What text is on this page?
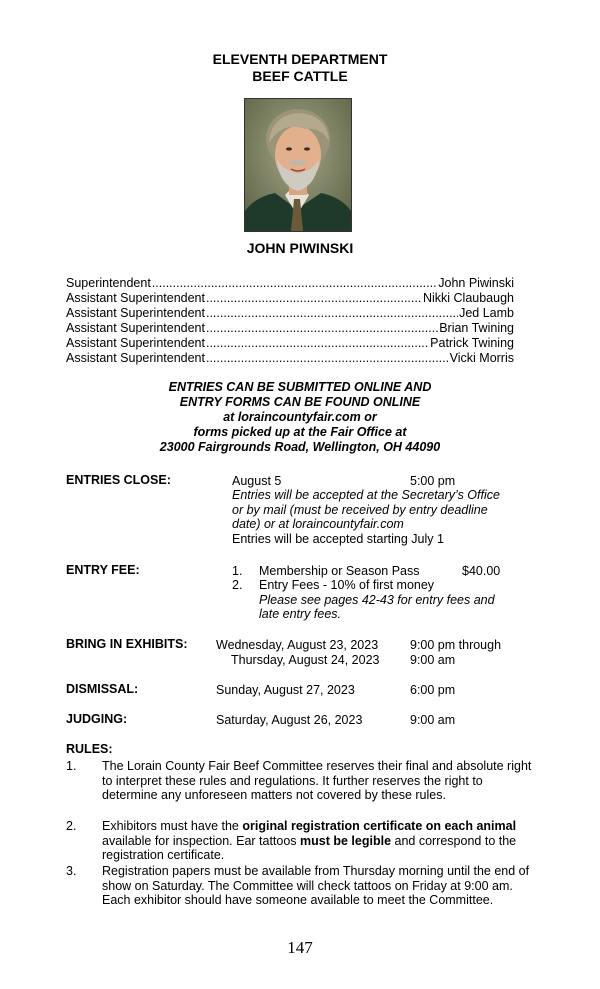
ELEVENTH DEPARTMENT
BEEF CATTLE
JOHN PIWINSKI
Superintendent .....	John Piwinski
Assistant Superintendent .....	Nikki Claubaugh
Assistant Superintendent .....	Jed Lamb
Assistant Superintendent .....	Brian Twining
Assistant Superintendent .....	Patrick Twining
Assistant Superintendent .....	Vicki Morris
ENTRIES CAN BE SUBMITTED ONLINE AND
ENTRY FORMS CAN BE FOUND ONLINE
at loraincountyfair.com or
forms picked up at the Fair Office at
23000 Fairgrounds Road, Wellington, OH 44090
ENTRIES CLOSE:	August 5	5:00 pm
Entries will be accepted at the Secretary’s Office
or by mail (must be received by entry deadline
date) or at loraincountyfair.com
Entries will be accepted starting July 1
ENTRY FEE:	1. Membership or Season Pass	$40.00
2. Entry Fees - 10% of first money
Please see pages 42-43 for entry fees and
late entry fees.
BRING IN EXHIBITS: Wednesday, August 23, 2023	9:00 pm through
Thursday, August 24, 2023 9:00 am
DISMISSAL:	Sunday, August 27, 2023	6:00 pm
JUDGING:	Saturday, August 26, 2023	9:00 am
RULES:
1. The Lorain County Fair Beef Committee reserves their final and absolute right to interpret these rules and regulations. It further reserves the right to determine any unforeseen matters not covered by these rules.
2. Exhibitors must have the original registration certificate on each animal available for inspection. Ear tattoos must be legible and correspond to the registration certificate.
3. Registration papers must be available from Thursday morning until the end of show on Saturday. The Committee will check tattoos on Friday at 9:00 am. Each exhibitor should have someone available to meet the Committee.
147
